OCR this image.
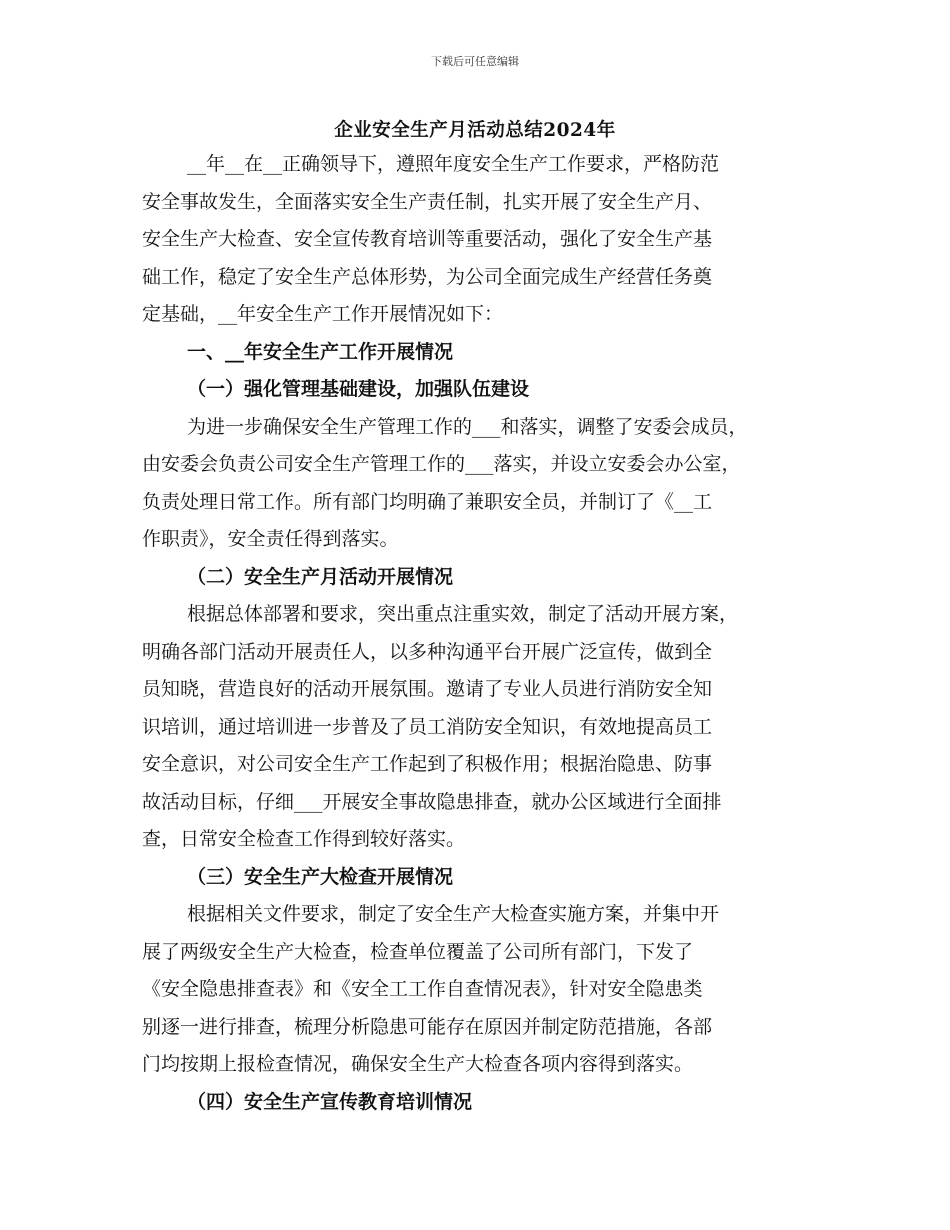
下载后可任意编辑
企业安全生产月活动总结2024年
__年__在__正确领导下，遵照年度安全生产工作要求，严格防范
安全事故发生，全面落实安全生产责任制，扎实开展了安全生产月、
安全生产大检查、安全宣传教育培训等重要活动，强化了安全生产基
础工作，稳定了安全生产总体形势，为公司全面完成生产经营任务奠
定基础，__年安全生产工作开展情况如下：
一、__年安全生产工作开展情况
（一）强化管理基础建设，加强队伍建设
为进一步确保安全生产管理工作的___和落实，调整了安委会成员，
由安委会负责公司安全生产管理工作的___落实，并设立安委会办公室，
负责处理日常工作。所有部门均明确了兼职安全员，并制订了《__工
作职责》，安全责任得到落实。
（二）安全生产月活动开展情况
根据总体部署和要求，突出重点注重实效，制定了活动开展方案，
明确各部门活动开展责任人，以多种沟通平台开展广泛宣传，做到全
员知晓，营造良好的活动开展氛围。邀请了专业人员进行消防安全知
识培训，通过培训进一步普及了员工消防安全知识，有效地提高员工
安全意识，对公司安全生产工作起到了积极作用；根据治隐患、防事
故活动目标，仔细___开展安全事故隐患排查，就办公区域进行全面排
查，日常安全检查工作得到较好落实。
（三）安全生产大检查开展情况
根据相关文件要求，制定了安全生产大检查实施方案，并集中开
展了两级安全生产大检查，检查单位覆盖了公司所有部门，下发了
《安全隐患排查表》和《安全工工作自查情况表》，针对安全隐患类
别逐一进行排查，梳理分析隐患可能存在原因并制定防范措施，各部
门均按期上报检查情况，确保安全生产大检查各项内容得到落实。
（四）安全生产宣传教育培训情况
